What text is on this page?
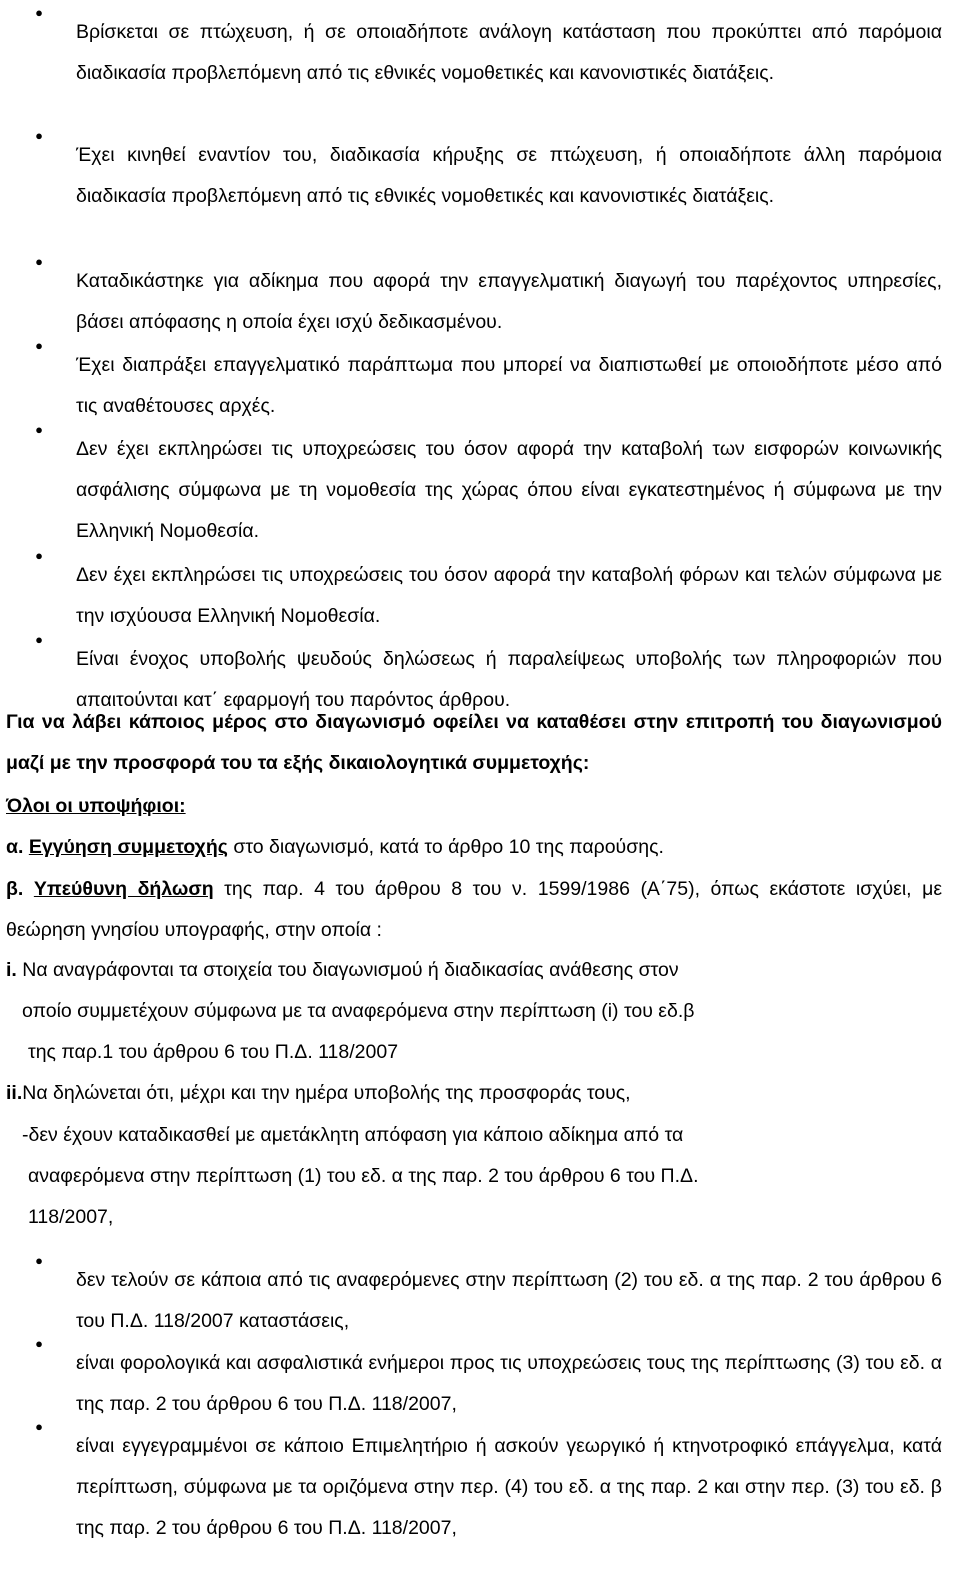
●

Βρίσκεται σε πτώχευση, ή σε οποιαδήποτε ανάλογη κατάσταση που προκύπτει από παρόμοια διαδικασία προβλεπόμενη από τις εθνικές νομοθετικές και κανονιστικές διατάξεις.

●

Έχει κινηθεί εναντίον του, διαδικασία κήρυξης σε πτώχευση, ή οποιαδήποτε άλλη παρόμοια διαδικασία προβλεπόμενη από τις εθνικές νομοθετικές και κανονιστικές διατάξεις.

●

Καταδικάστηκε για αδίκημα που αφορά την επαγγελματική διαγωγή του παρέχοντος υπηρεσίες, βάσει απόφασης η οποία έχει ισχύ δεδικασμένου.

●

Έχει διαπράξει επαγγελματικό παράπτωμα που μπορεί να διαπιστωθεί με οποιοδήποτε μέσο από τις αναθέτουσες αρχές.

●

Δεν έχει εκπληρώσει τις υποχρεώσεις του όσον αφορά την καταβολή των εισφορών κοινωνικής ασφάλισης σύμφωνα με τη νομοθεσία της χώρας όπου είναι εγκατεστημένος ή σύμφωνα με την Ελληνική Νομοθεσία.

●

Δεν έχει εκπληρώσει τις υποχρεώσεις του όσον αφορά την καταβολή φόρων και τελών σύμφωνα με την ισχύουσα Ελληνική Νομοθεσία.

●

Είναι ένοχος υποβολής ψευδούς δηλώσεως ή παραλείψεως υποβολής των πληροφοριών που απαιτούνται κατ΄ εφαρμογή του παρόντος άρθρου.

Για να λάβει κάποιος μέρος στο διαγωνισμό οφείλει να καταθέσει στην επιτροπή του διαγωνισμού μαζί με την προσφορά του τα εξής δικαιολογητικά συμμετοχής:

Όλοι οι υποψήφιοι:

α. Εγγύηση συμμετοχής στο διαγωνισμό, κατά το άρθρο 10 της παρούσης.

β. Υπεύθυνη δήλωση της παρ. 4 του άρθρου 8 του ν. 1599/1986 (Α΄75), όπως εκάστοτε ισχύει, με θεώρηση γνησίου υπογραφής, στην οποία :

i. Να αναγράφονται τα στοιχεία του διαγωνισμού ή διαδικασίας ανάθεσης στον

οποίο συμμετέχουν σύμφωνα με τα αναφερόμενα στην περίπτωση (i) του εδ.β

της παρ.1 του άρθρου 6 του Π.Δ. 118/2007

ii.Να δηλώνεται ότι, μέχρι και την ημέρα υποβολής της προσφοράς τους,

-δεν έχουν καταδικασθεί με αμετάκλητη απόφαση για κάποιο αδίκημα από τα

αναφερόμενα στην περίπτωση (1) του εδ. α της παρ. 2 του άρθρου 6 του Π.Δ.

118/2007,

●

δεν τελούν σε κάποια από τις αναφερόμενες στην περίπτωση (2) του εδ. α της παρ. 2 του άρθρου 6 του Π.Δ. 118/2007 καταστάσεις,

●

είναι φορολογικά και ασφαλιστικά ενήμεροι προς τις υποχρεώσεις τους της περίπτωσης (3) του εδ. α της παρ. 2 του άρθρου 6 του Π.Δ. 118/2007,

●

είναι εγγεγραμμένοι σε κάποιο Επιμελητήριο ή ασκούν γεωργικό ή κτηνοτροφικό επάγγελμα, κατά περίπτωση, σύμφωνα με τα οριζόμενα στην περ. (4) του εδ. α της παρ. 2 και στην περ. (3) του εδ. β της παρ. 2 του άρθρου 6 του Π.Δ. 118/2007,
